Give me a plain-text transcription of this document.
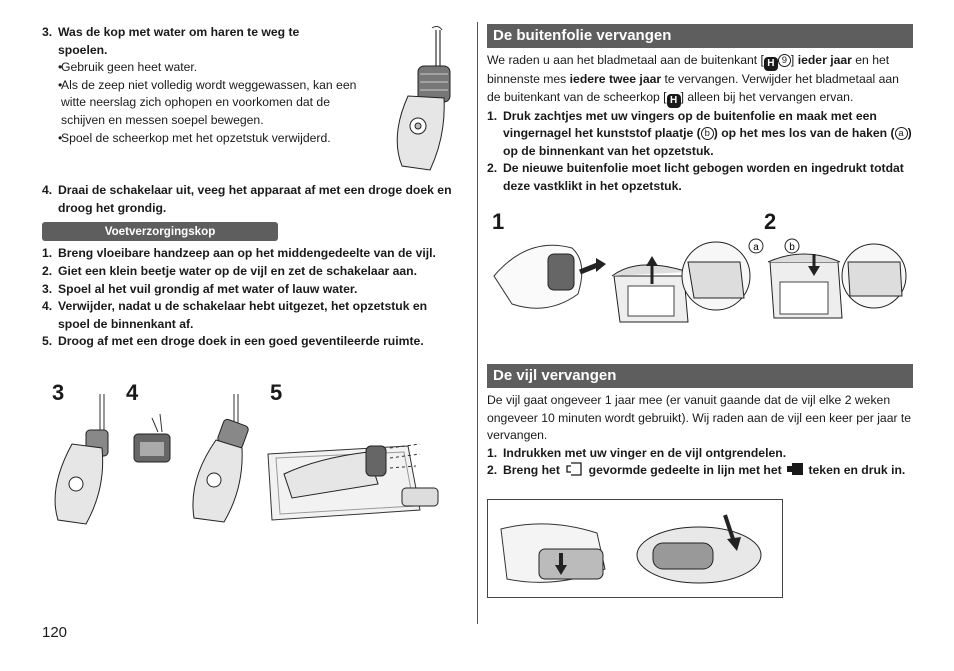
3. Was de kop met water om haren te weg te spoelen.
• Gebruik geen heet water.
• Als de zeep niet volledig wordt weggewassen, kan een witte neerslag zich ophopen en voorkomen dat de schijven en messen soepel bewegen.
• Spoel de scheerkop met het opzetstuk verwijderd.
4. Draai de schakelaar uit, veeg het apparaat af met een droge doek en droog het grondig.
Voetverzorgingskop
1. Breng vloeibare handzeep aan op het middengedeelte van de vijl.
2. Giet een klein beetje water op de vijl en zet de schakelaar aan.
3. Spoel al het vuil grondig af met water of lauw water.
4. Verwijder, nadat u de schakelaar hebt uitgezet, het opzetstuk en spoel de binnenkant af.
5. Droog af met een droge doek in een goed geventileerde ruimte.
3	4	5
De buitenfolie vervangen
We raden u aan het bladmetaal aan de buitenkant [ H 9 ] ieder jaar en het binnenste mes iedere twee jaar te vervangen. Verwijder het bladmetaal aan de buitenkant van de scheerkop [ H ] alleen bij het vervangen ervan.
1. Druk zachtjes met uw vingers op de buitenfolie en maak met een vingernagel het kunststof plaatje ( b ) op het mes los van de haken ( a ) op de binnenkant van het opzetstuk.
2. De nieuwe buitenfolie moet licht gebogen worden en ingedrukt totdat deze vastklikt in het opzetstuk.
1	2
a	b
De vijl vervangen
De vijl gaat ongeveer 1 jaar mee (er vanuit gaande dat de vijl elke 2 weken ongeveer 10 minuten wordt gebruikt). Wij raden aan de vijl een keer per jaar te vervangen.
1. Indrukken met uw vinger en de vijl ontgrendelen.
2. Breng het gevormde gedeelte in lijn met het teken en druk in.
120
